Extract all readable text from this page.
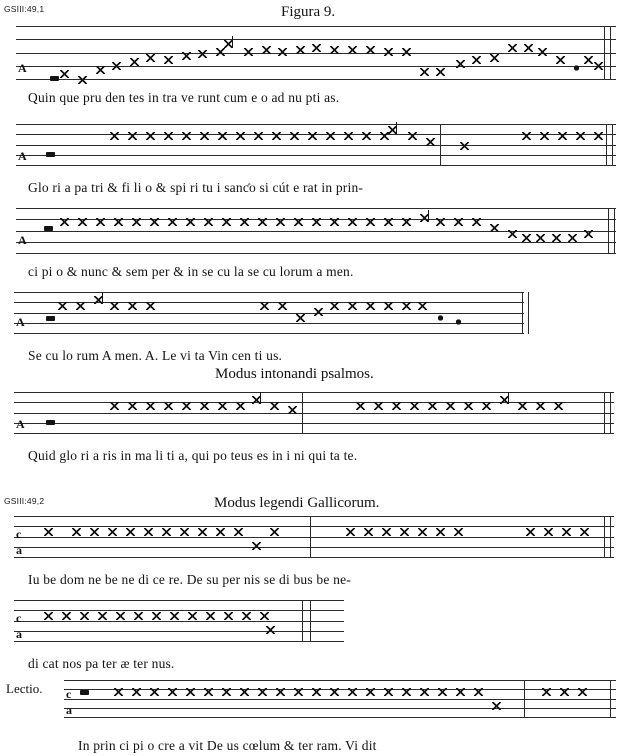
GSIII:49,1
GSIII:49,2
Figura 9.
Modus intonandi psalmos.
Modus legendi Gallicorum.
Lectio.
Quin que pru den tes in tra ve runt cum e o ad nu pti as.
Glo ri a pa tri & fi li o & spi ri tu i sanƈo si cút e rat in prin-
ci pi o & nunc & sem per & in se cu la se cu lorum a men.
Se cu lo rum A men. A. Le vi ta Vin cen ti us.
Quid glo ri a ris in ma li ti a, qui po teus es in i ni qui ta te.
Iu be dom ne be ne di ce re. De su per nis se di bus be ne-
di cat nos pa ter æ ter nus.
In prin ci pi o cre a vit De us cœlum & ter ram. Vi dit
A
A
A
A
A
c
a
c
a
c
a
